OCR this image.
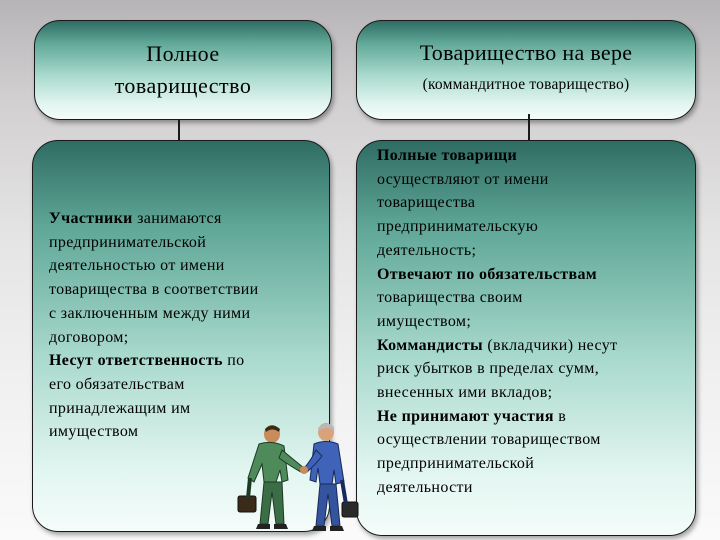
Полное
товарищество
Товарищество на вере
(коммандитное товарищество)
Участники занимаются
предпринимательской
деятельностью от имени
товарищества в соответствии
с заключенным между ними
договором;
Несут ответственность по
его обязательствам
принадлежащим им
имуществом
Полные товарищи
осуществляют от имени
товарищества
предпринимательскую
деятельность;
Отвечают по обязательствам
товарищества своим
имуществом;
Коммандисты (вкладчики) несут
риск убытков в пределах сумм,
внесенных ими вкладов;
Не принимают участия в
осуществлении товариществом
предпринимательской
деятельности
